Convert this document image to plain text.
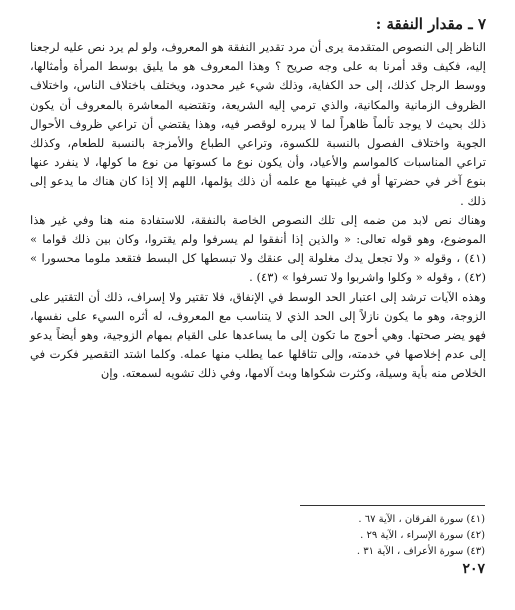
٧ ـ مقدار النفقة :

الناظر إلى النصوص المتقدمة يرى أن مرد تقدير النفقة هو المعروف، ولو لم يرد نص عليه لرجعنا إليه، فكيف وقد أمرنا به على وجه صريح ؟ وهذا المعروف هو ما يليق بوسط المرأة وأمثالها، ووسط الرجل كذلك، إلى حد الكفاية، وذلك شيء غير محدود، ويختلف باختلاف الناس، واختلاف الظروف الزمانية والمكانية، والذي ترمي إليه الشريعة، وتقتضيه المعاشرة بالمعروف أن يكون ذلك بحيث لا يوجد تألماً ظاهراً لما لا يبرره لوقصر فيه، وهذا يقتضي أن تراعي ظروف الأحوال الجوية واختلاف الفصول بالنسبة للكسوة، وتراعي الطباع والأمزجة بالنسبة للطعام، وكذلك تراعي المناسبات كالمواسم والأعياد، وأن يكون نوع ما كسوتها من نوع ما كولها، لا ينفرد عنها بنوع آخر في حضرتها أو في غيبتها مع علمه أن ذلك يؤلمها، اللهم إلا إذا كان هناك ما يدعو إلى ذلك .

وهناك نص لابد من ضمه إلى تلك النصوص الخاصة بالنفقة، للاستفادة منه هنا وفي غير هذا الموضوع، وهو قوله تعالى: « والذين إذا أنفقوا لم يسرفوا ولم يقتروا، وكان بين ذلك قواما » (٤١) ، وقوله « ولا تجعل يدك مغلولة إلى عنقك ولا تبسطها كل البسط فتقعد ملوما محسورا » (٤٢) ، وقوله « وكلوا واشربوا ولا تسرفوا » (٤٣) .

وهذه الآيات ترشد إلى اعتبار الحد الوسط في الإنفاق، فلا تقتير ولا إسراف، ذلك أن التقتير على الزوجة، وهو ما يكون نازلاً إلى الحد الذي لا يتناسب مع المعروف، له أثره السيء على نفسها، فهو يضر صحتها. وهي أحوج ما تكون إلى ما يساعدها على القيام بمهام الزوجية، وهو أيضاً يدعو إلى عدم إخلاصها في خدمته، وإلى تثاقلها عما يطلب منها عمله. وكلما اشتد التقصير فكرت في الخلاص منه بأية وسيلة، وكثرت شكواها وبث آلامها، وفي ذلك تشويه لسمعته. وإن

(٤١) سورة الفرقان ، الآية ٦٧ .

(٤٢) سورة الإسراء ، الآية ٢٩ .

(٤٣) سورة الأعراف ، الآية ٣١ .

٢٠٧
